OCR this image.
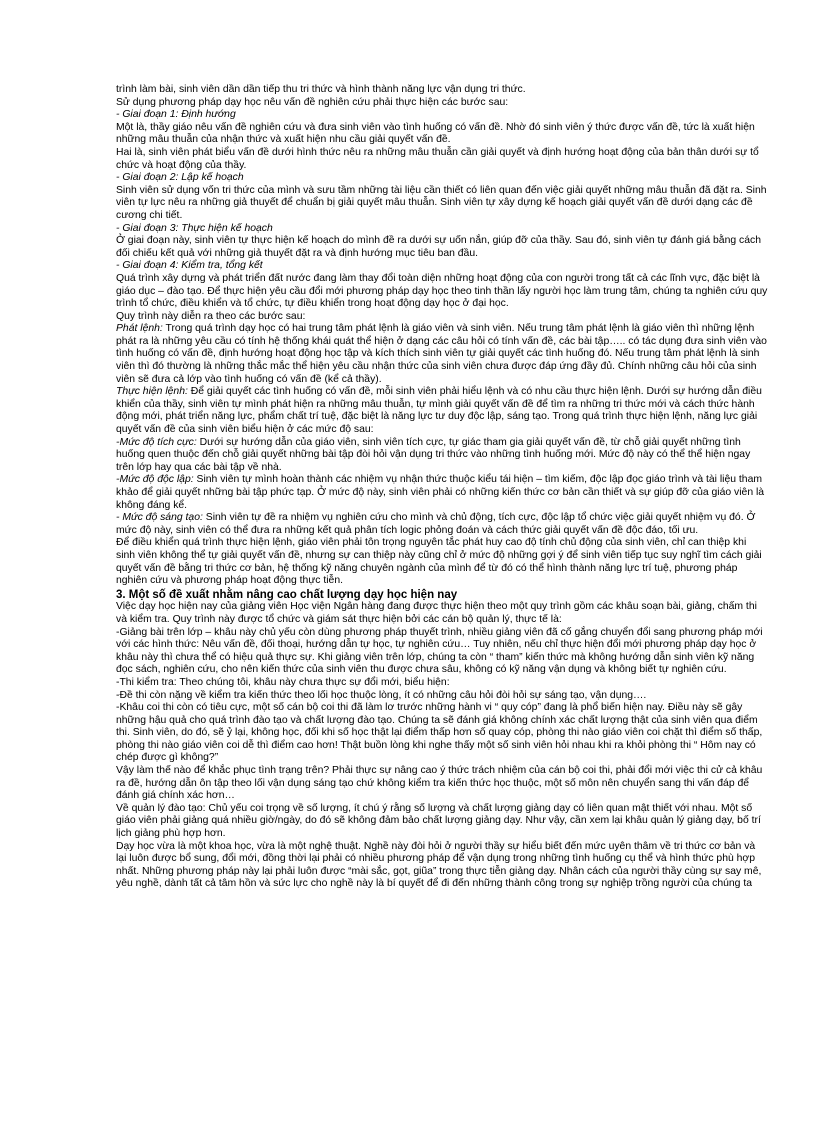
trình làm bài, sinh viên dần dần tiếp thu tri thức và hình thành năng lực vận dụng tri thức.

Sử dụng phương pháp dạy học nêu vấn đề nghiên cứu phải thực hiện các bước sau:

- Giai đoạn 1: Định hướng

Một là, thầy giáo nêu vấn đề nghiên cứu và đưa sinh viên vào tình huống có vấn đề. Nhờ đó sinh viên ý thức được vấn đề, tức là xuất hiện những mâu thuẫn của nhận thức và xuất hiện nhu cầu giải quyết vấn đề.

Hai là, sinh viên phát biểu vấn đề dưới hình thức nêu ra những mâu thuẫn cần giải quyết và định hướng hoạt động của bản thân dưới sự tổ chức và hoạt động của thầy.

- Giai đoạn 2: Lập kế hoạch

Sinh viên sử dụng vốn tri thức của mình và sưu tầm những tài liệu cần thiết có liên quan đến việc giải quyết những mâu thuẫn đã đặt ra. Sinh viên tự lực nêu ra những giả thuyết để chuẩn bị giải quyết mâu thuẫn. Sinh viên tự xây dựng kế hoạch giải quyết vấn đề dưới dạng các đề cương chi tiết.

- Giai đoạn 3: Thực hiện kế hoạch

Ở giai đoạn này, sinh viên tự thực hiện kế hoạch do mình đề ra dưới sự uốn nắn, giúp đỡ của thầy. Sau đó, sinh viên tự đánh giá bằng cách đối chiếu kết quả với những giả thuyết đặt ra và định hướng mục tiêu ban đầu.

- Giai đoạn 4: Kiểm tra, tổng kết

Quá trình xây dựng và phát triển đất nước đang làm thay đổi toàn diện những hoạt động của con người trong tất cả các lĩnh vực, đặc biệt là giáo dục – đào tạo. Để thực hiện yêu cầu đổi mới phương pháp dạy học theo tinh thần lấy người học làm trung tâm, chúng ta nghiên cứu quy trình tổ chức, điều khiển và tổ chức, tự điều khiển trong hoạt động dạy học ở đại học.

Quy trình này diễn ra theo các bước sau:

Phát lệnh: Trong quá trình dạy học có hai trung tâm phát lệnh là giáo viên và sinh viên. Nếu trung tâm phát lệnh là giáo viên thì những lệnh phát ra là những yêu cầu có tính hệ thống khái quát thể hiện ở dạng các câu hỏi có tính vấn đề, các bài tập….. có tác dụng đưa sinh viên vào tình huống có vấn đề, định hướng hoạt động học tập và kích thích sinh viên tự giải quyết các tình huống đó. Nếu trung tâm phát lệnh là sinh viên thì đó thường là những thắc mắc thể hiện yêu cầu nhận thức của sinh viên chưa được đáp ứng đầy đủ. Chính những câu hỏi của sinh viên sẽ đưa cả lớp vào tình huống có vấn đề (kể cả thầy).

Thực hiện lệnh: Để giải quyết các tình huống có vấn đề, mỗi sinh viên phải hiểu lệnh và có nhu cầu thực hiện lệnh. Dưới sự hướng dẫn điều khiển của thầy, sinh viên tự mình phát hiện ra những mâu thuẫn, tự mình giải quyết vấn đề để tìm ra những tri thức mới và cách thức hành động mới, phát triển năng lực, phẩm chất trí tuệ, đặc biệt là năng lực tư duy độc lập, sáng tạo. Trong quá trình thực hiện lệnh, năng lực giải quyết vấn đề của sinh viên biểu hiện ở các mức độ sau:

-Mức độ tích cực: Dưới sự hướng dẫn của giáo viên, sinh viên tích cực, tự giác tham gia giải quyết vấn đề, từ chỗ giải quyết những tình huống quen thuộc đến chỗ giải quyết những bài tập đòi hỏi vận dụng tri thức vào những tình huống mới. Mức độ này có thể thể hiện ngay trên lớp hay qua các bài tập về nhà.

-Mức độ độc lập: Sinh viên tự mình hoàn thành các nhiệm vụ nhận thức thuộc kiểu tái hiện – tìm kiếm, độc lập đọc giáo trình và tài liệu tham khảo để giải quyết những bài tập phức tạp. Ở mức độ này, sinh viên phải có những kiến thức cơ bản cần thiết và sự giúp đỡ của giáo viên là không đáng kể.

- Mức độ sáng tạo: Sinh viên tự đề ra nhiệm vụ nghiên cứu cho mình và chủ động, tích cực, độc lập tổ chức việc giải quyết nhiệm vụ đó. Ở mức độ này, sinh viên có thể đưa ra những kết quả phân tích logic phỏng đoán và cách thức giải quyết vấn đề độc đáo, tối ưu.

Để điều khiển quá trình thực hiện lệnh, giáo viên phải tôn trọng nguyên tắc phát huy cao độ tính chủ động của sinh viên, chỉ can thiệp khi sinh viên không thể tự giải quyết vấn đề, nhưng sự can thiệp này cũng chỉ ở mức độ những gợi ý để sinh viên tiếp tục suy nghĩ tìm cách giải quyết vấn đề bằng tri thức cơ bản, hệ thống kỹ năng chuyên ngành của mình để từ đó có thể hình thành năng lực trí tuệ, phương pháp nghiên cứu và phương pháp hoạt động thực tiễn.

3. Một số đề xuất nhằm nâng cao chất lượng dạy học hiện nay

Việc dạy học hiện nay của giảng viên Học viện Ngân hàng đang được thực hiện theo một quy trình gồm các khâu soạn bài, giảng, chấm thi và kiểm tra. Quy trình này được tổ chức và giám sát thực hiện bởi các cán bộ quản lý, thực tế là:

-Giảng bài trên lớp – khâu này chủ yếu còn dùng phương pháp thuyết trình, nhiều giảng viên đã cố gắng chuyển đổi sang phương pháp mới với các hình thức: Nêu vấn đề, đối thoại, hướng dẫn tự học, tự nghiên cứu… Tuy nhiên, nếu chỉ thực hiện đổi mới phương pháp dạy học ở khâu này thì chưa thể có hiệu quả thực sự. Khi giảng viên trên lớp, chúng ta còn “ tham” kiến thức mà không hướng dẫn sinh viên kỹ năng đọc sách, nghiên cứu, cho nên kiến thức của sinh viên thu được chưa sâu, không có kỹ năng vận dụng và không biết tự nghiên cứu.

-Thi kiểm tra: Theo chúng tôi, khâu này chưa thực sự đổi mới, biểu hiện:

-Đề thi còn nặng về kiểm tra kiến thức theo lối học thuộc lòng, ít có những câu hỏi đòi hỏi sự sáng tạo, vận dụng….

-Khâu coi thi còn có tiêu cực, một số cán bộ coi thi đã làm lơ trước những hành vi “ quy cóp” đang là phổ biến hiện nay. Điều này sẽ gây những hậu quả cho quá trình đào tạo và chất lượng đào tạo. Chúng ta sẽ đánh giá không chính xác chất lượng thật của sinh viên qua điểm thi. Sinh viên, do đó, sẽ ỷ lại, không học, đối khi số học thật lại điểm thấp hơn số quay cóp, phòng thi nào giáo viên coi chặt thì điểm số thấp, phòng thi nào giáo viên coi dễ thì điểm cao hơn! Thật buồn lòng khi nghe thấy một số sinh viên hỏi nhau khi ra khỏi phòng thi “ Hôm nay có chép được gì không?”

Vậy làm thế nào để khắc phục tình trạng trên? Phải thực sự nâng cao ý thức trách nhiệm của cán bộ coi thi, phải đổi mới việc thi cử cả khâu ra đề, hướng dẫn ôn tập theo lối vận dụng sáng tạo chứ không kiểm tra kiến thức học thuộc, một số môn nên chuyển sang thi vấn đáp để đánh giá chính xác hơn…

Về quản lý đào tạo: Chủ yếu coi trọng về số lượng, ít chú ý rằng số lượng và chất lượng giảng dạy có liên quan mật thiết với nhau. Một số giáo viên phải giảng quá nhiều giờ/ngày, do đó sẽ không đảm bảo chất lượng giảng dạy. Như vậy, cần xem lại khâu quản lý giảng dạy, bố trí lịch giảng phù hợp hơn.

Dạy học vừa là một khoa học, vừa là một nghệ thuật. Nghề này đòi hỏi ở người thầy sự hiểu biết đến mức uyên thâm về tri thức cơ bản và lại luôn được bổ sung, đổi mới, đồng thời lại phải có nhiều phương pháp để vận dụng trong những tình huống cụ thể và hình thức phù hợp nhất. Những phương pháp này lại phải luôn được “mài sắc, gọt, giũa” trong thực tiễn giảng dạy. Nhân cách của người thầy cùng sự say mê, yêu nghề, dành tất cả tâm hồn và sức lực cho nghề này là bí quyết để đi đến những thành công trong sự nghiệp trồng người của chúng ta
